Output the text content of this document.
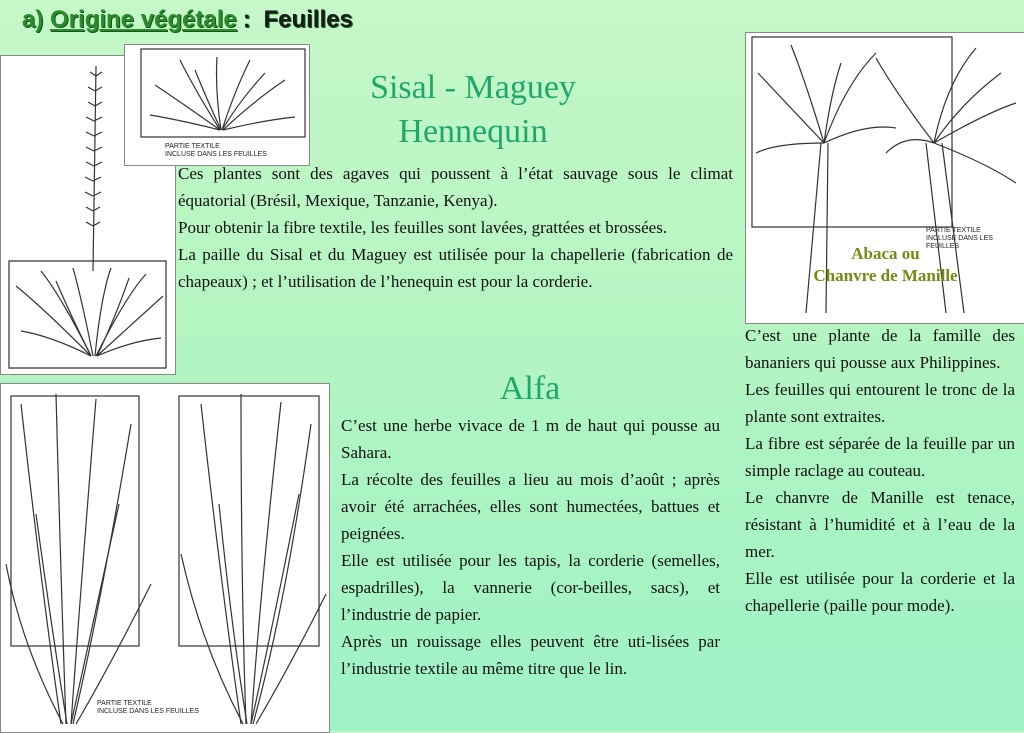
a) Origine végétale : Feuilles
PARTIE TEXTILE
INCLUSE DANS LES FEUILLES
Sisal - Maguey
Hennequin

Ces plantes sont des agaves qui poussent à l’état sauvage sous le climat équatorial (Brésil, Mexique, Tanzanie, Kenya).

Pour obtenir la fibre textile, les feuilles sont lavées, grattées et brossées.

La paille du Sisal et du Maguey est utilisée pour la chapellerie (fabrication de chapeaux) ; et l’utilisation de l’henequin est pour la corderie.

PARTIE TEXTILE
INCLUSE DANS LES FEUILLES
Abaca ou
Chanvre de Manille

C’est une plante de la famille des bananiers qui pousse aux Philippines.

Les feuilles qui entourent le tronc de la plante sont extraites.

La fibre est séparée de la feuille par un simple raclage au couteau.

Le chanvre de Manille est tenace, résistant à l’humidité et à l’eau de la mer.

Elle est utilisée pour la corderie et la chapellerie (paille pour mode).

PARTIE TEXTILE
INCLUSE DANS LES FEUILLES
Alfa

C’est une herbe vivace de 1 m de haut qui pousse au Sahara.

La récolte des feuilles a lieu au mois d’août ; après avoir été arrachées, elles sont humectées, battues et peignées.

Elle est utilisée pour les tapis, la corderie (semelles, espadrilles), la vannerie (cor-beilles, sacs), et l’industrie de papier.

Après un rouissage elles peuvent être uti-lisées par l’industrie textile au même titre que le lin.
